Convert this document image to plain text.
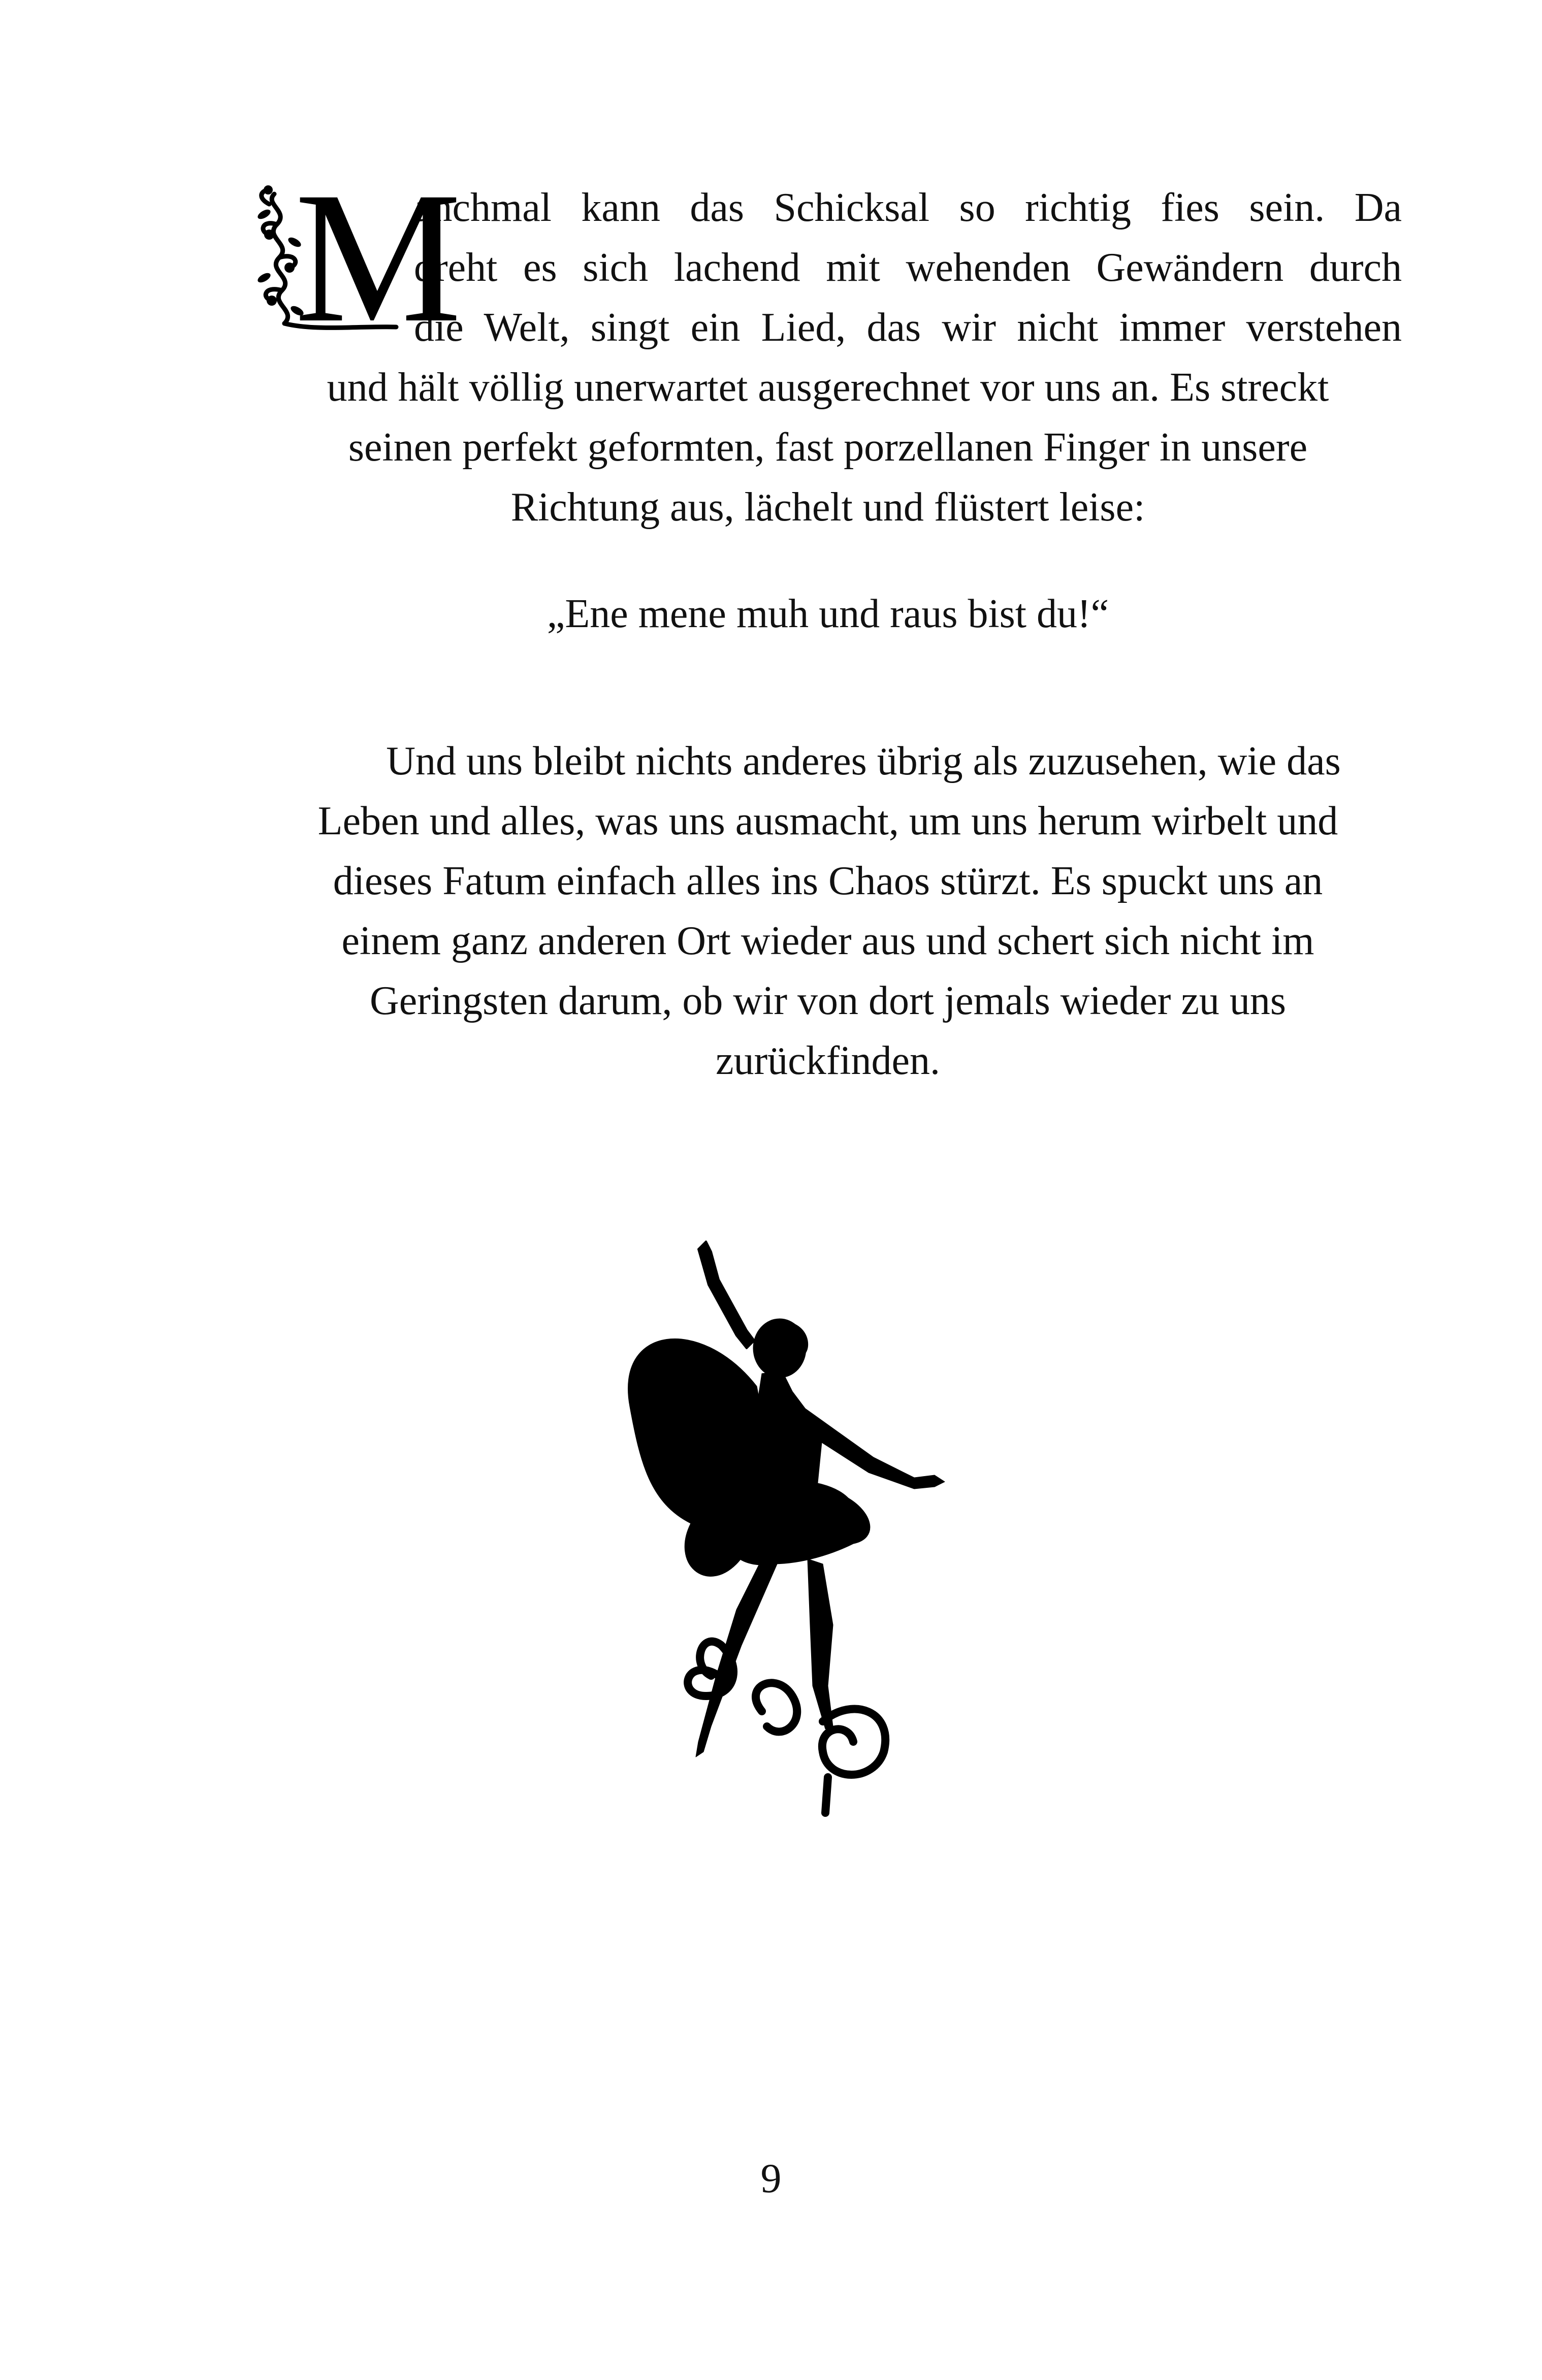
M
anchmal kann das Schicksal so richtig fies sein. Da
dreht es sich lachend mit wehenden Gewändern durch
die Welt, singt ein Lied, das wir nicht immer verstehen
und hält völlig unerwartet ausgerechnet vor uns an. Es streckt
seinen perfekt geformten, fast porzellanen Finger in unsere
Richtung aus, lächelt und flüstert leise:
„Ene mene muh und raus bist du!“
Und uns bleibt nichts anderes übrig als zuzusehen, wie das
Leben und alles, was uns ausmacht, um uns herum wirbelt und
dieses Fatum einfach alles ins Chaos stürzt. Es spuckt uns an
einem ganz anderen Ort wieder aus und schert sich nicht im
Geringsten darum, ob wir von dort jemals wieder zu uns
zurückfinden.
9
